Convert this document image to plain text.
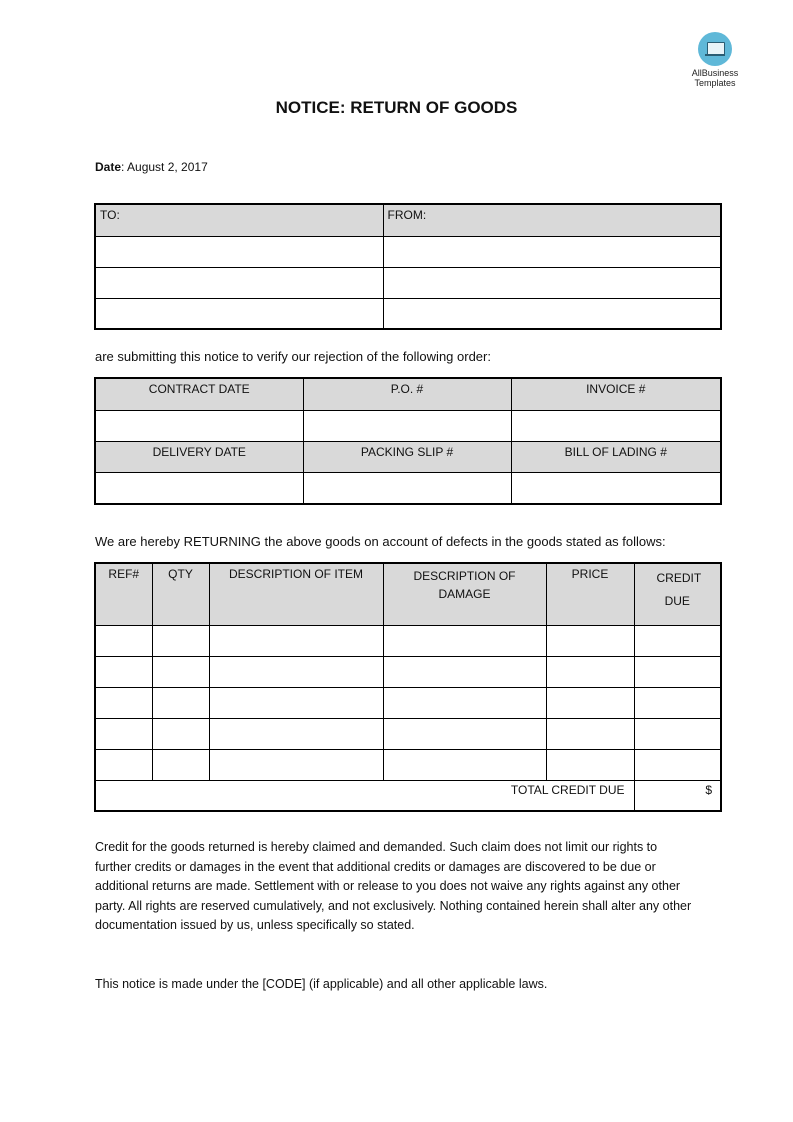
AllBusiness
Templates
NOTICE: RETURN OF GOODS
Date: August 2, 2017
TO:	FROM:

are submitting this notice to verify our rejection of the following order:
CONTRACT DATE	P.O. #	INVOICE #

DELIVERY DATE	PACKING SLIP #	BILL OF LADING #

We are hereby RETURNING the above goods on account of defects in the goods stated as follows:
REF#	QTY	DESCRIPTION OF ITEM	DESCRIPTION OF DAMAGE	PRICE	CREDIT DUE

TOTAL CREDIT DUE					$
Credit for the goods returned is hereby claimed and demanded. Such claim does not limit our rights to further credits or damages in the event that additional credits or damages are discovered to be due or additional returns are made. Settlement with or release to you does not waive any rights against any other party. All rights are reserved cumulatively, and not exclusively. Nothing contained herein shall alter any other documentation issued by us, unless specifically so stated.
This notice is made under the [CODE] (if applicable) and all other applicable laws.
